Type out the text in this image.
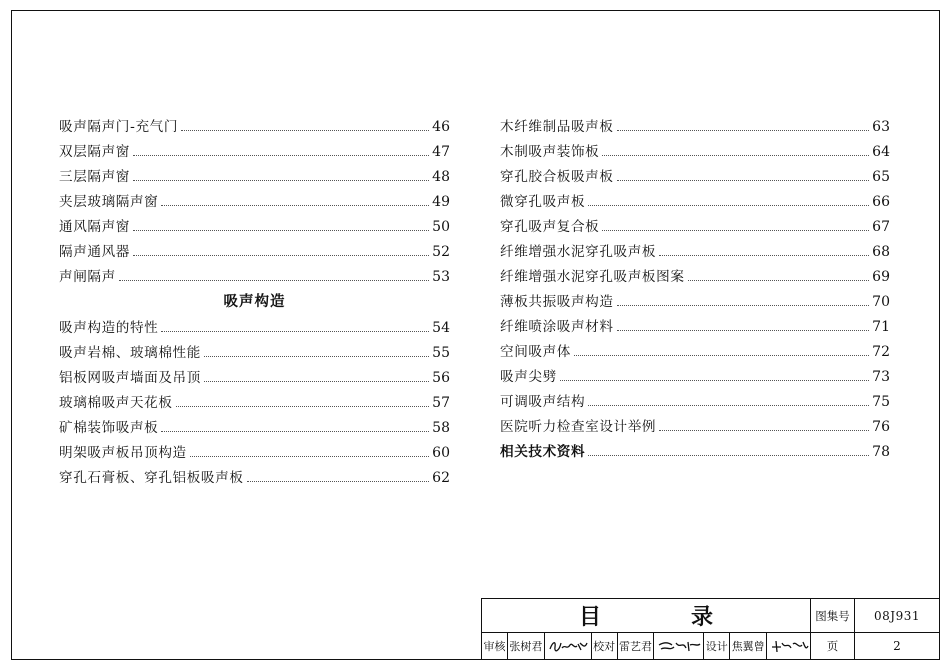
吸声隔声门-充气门	46
双层隔声窗	47
三层隔声窗	48
夹层玻璃隔声窗	49
通风隔声窗	50
隔声通风器	52
声闸隔声	53
吸声构造
吸声构造的特性	54
吸声岩棉、玻璃棉性能	55
铝板网吸声墙面及吊顶	56
玻璃棉吸声天花板	57
矿棉装饰吸声板	58
明架吸声板吊顶构造	60
穿孔石膏板、穿孔铝板吸声板	62
木纤维制品吸声板	63
木制吸声装饰板	64
穿孔胶合板吸声板	65
微穿孔吸声板	66
穿孔吸声复合板	67
纤维增强水泥穿孔吸声板	68
纤维增强水泥穿孔吸声板图案	69
薄板共振吸声构造	70
纤维喷涂吸声材料	71
空间吸声体	72
吸声尖劈	73
可调吸声结构	75
医院听力检查室设计举例	76
相关技术资料	78
目	录	图集号	08J931
审核 张树君	校对 雷艺君	设计 焦翼曾	页	2
